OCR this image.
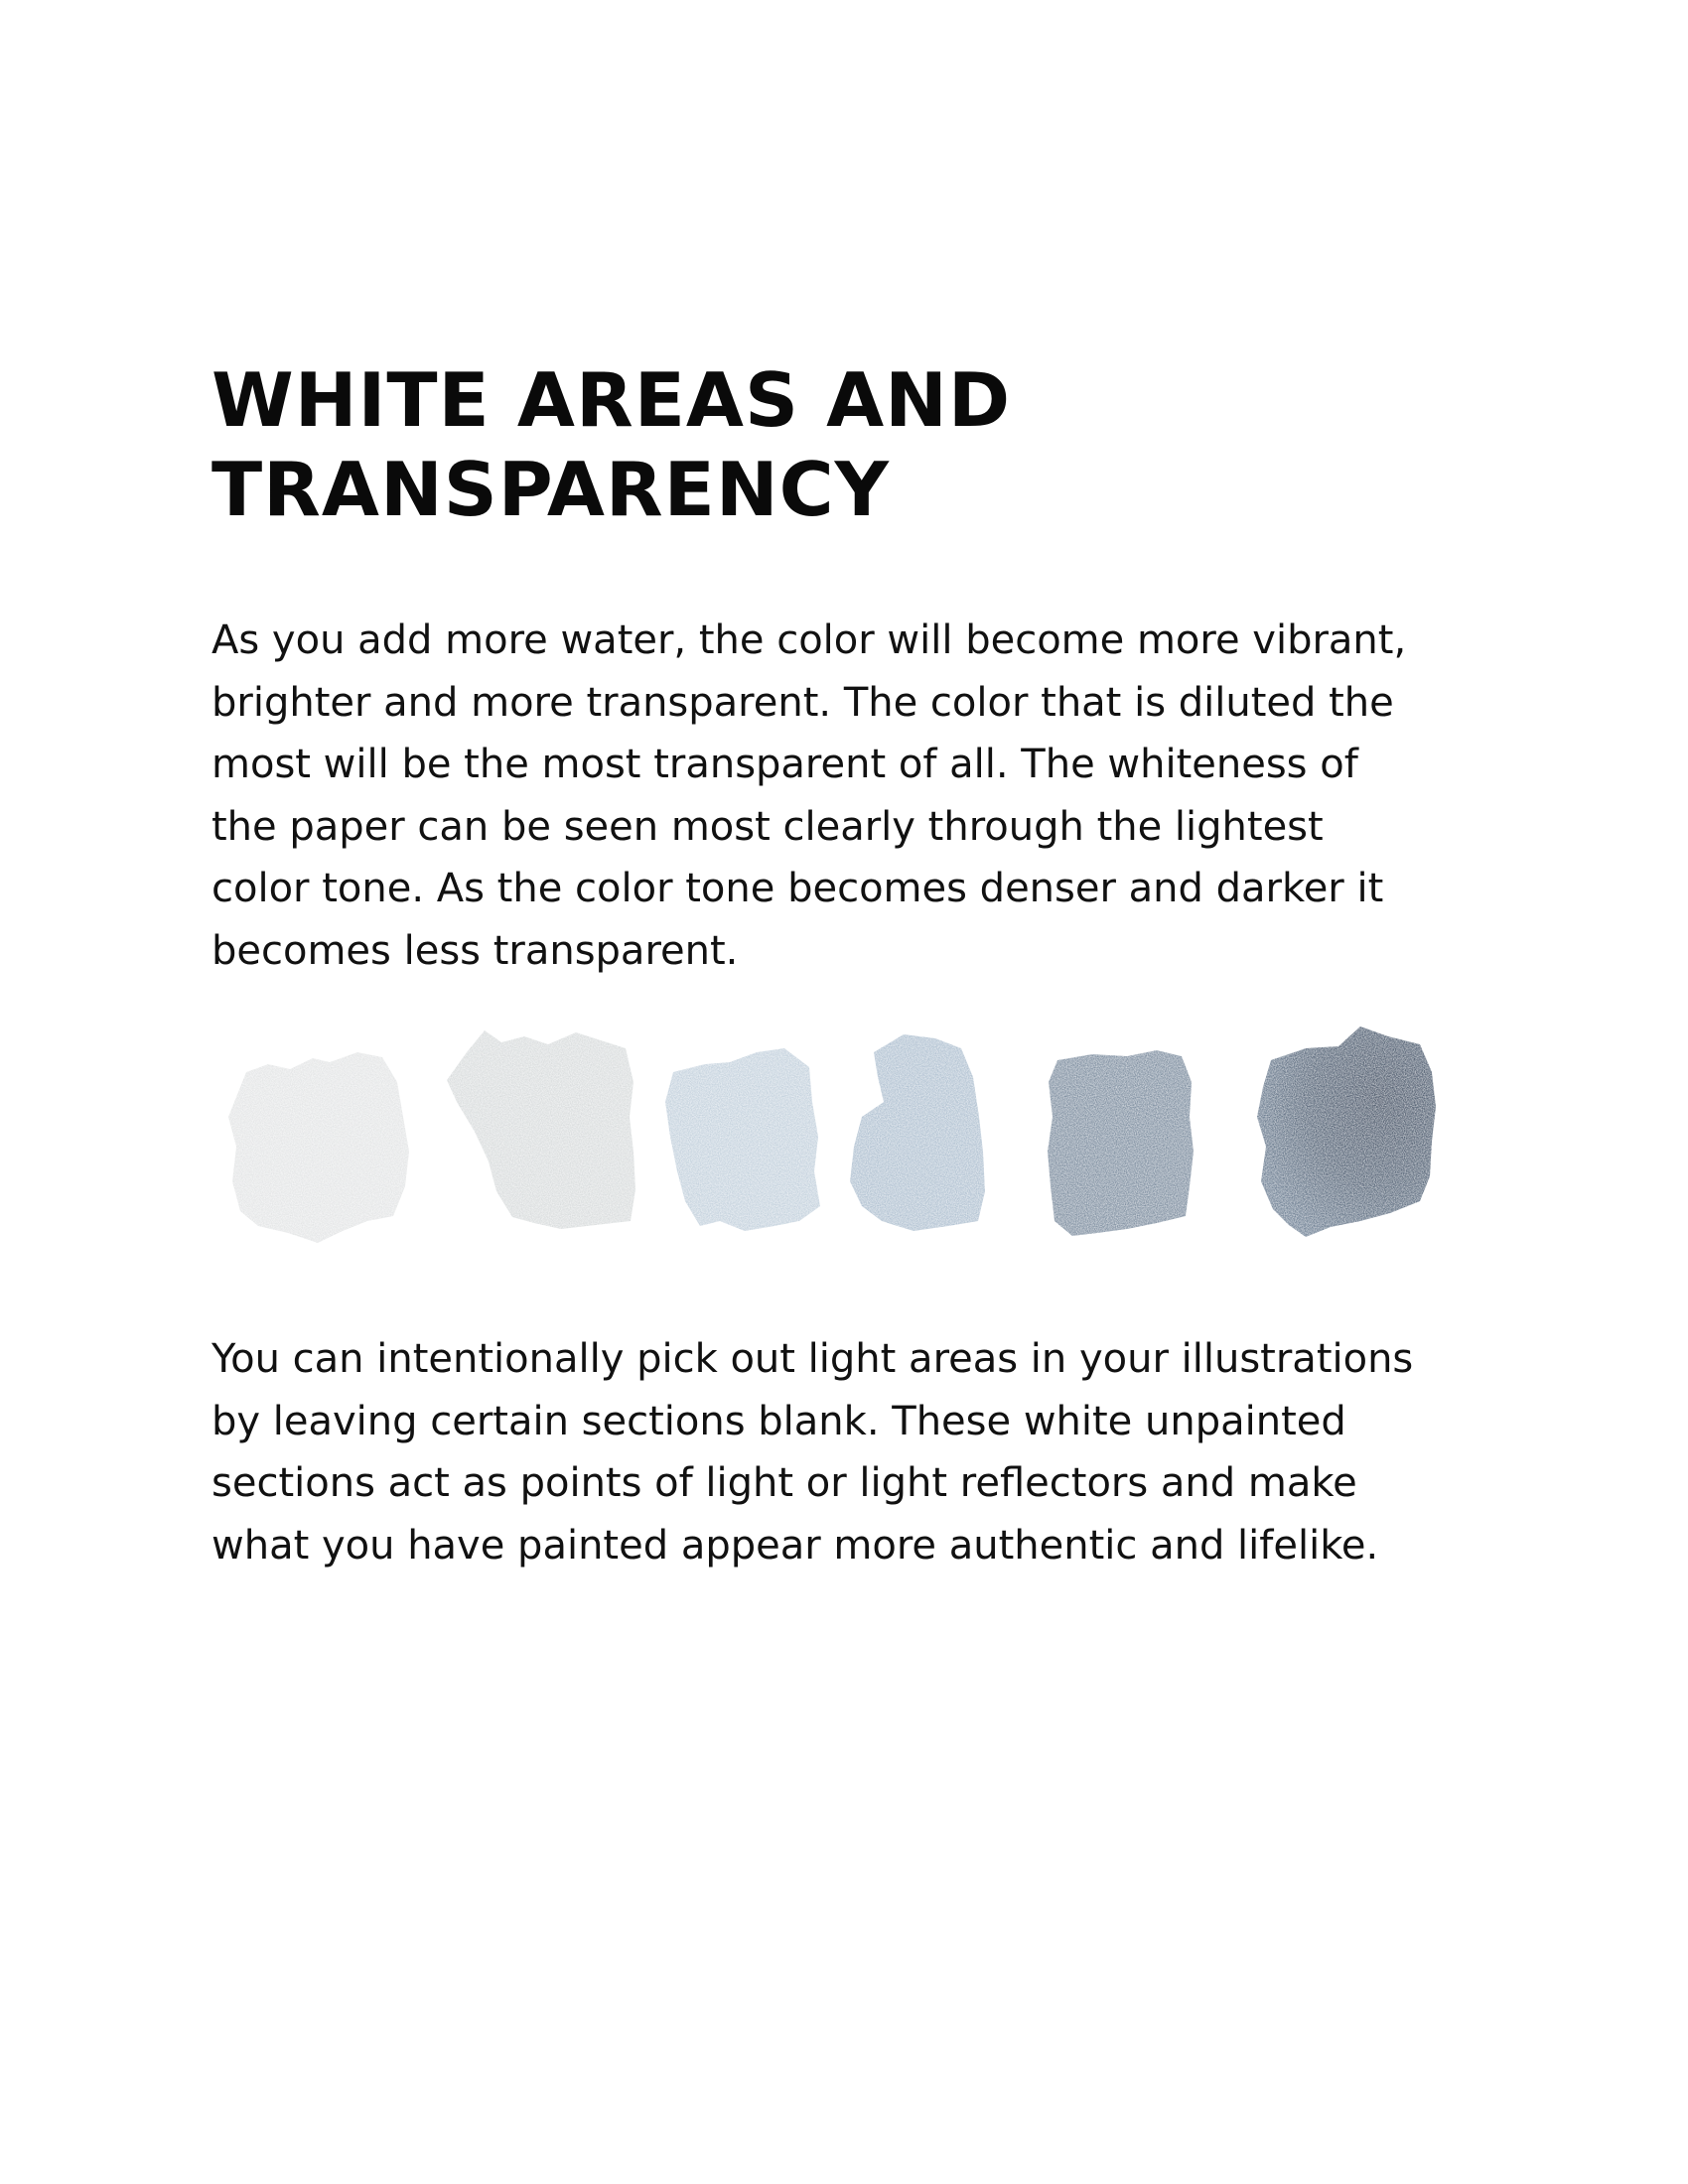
WHITE AREAS AND
TRANSPARENCY

As you add more water, the color will become more vibrant,
brighter and more transparent. The color that is diluted the
most will be the most transparent of all. The whiteness of
the paper can be seen most clearly through the lightest
color tone. As the color tone becomes denser and darker it
becomes less transparent.

You can intentionally pick out light areas in your illustrations
by leaving certain sections blank. These white unpainted
sections act as points of light or light reflectors and make
what you have painted appear more authentic and lifelike.
